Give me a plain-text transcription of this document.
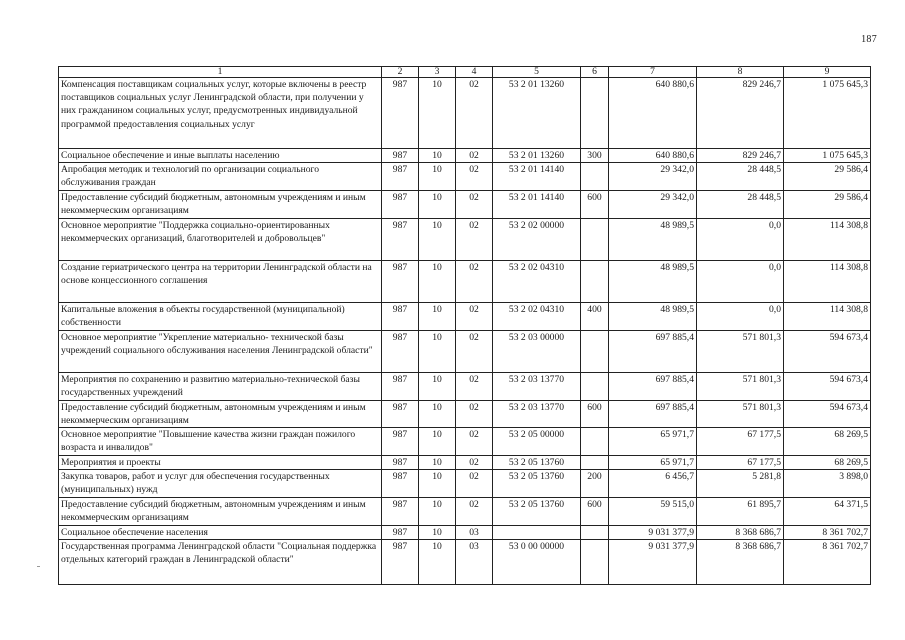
187
1	2	3	4	5	6	7	8	9
Компенсация поставщикам социальных услуг, которые включены в реестр поставщиков социальных услуг Ленинградской области, при получении у них гражданином социальных услуг, предусмотренных индивидуальной программой предоставления социальных услуг	987	10	02	53 2 01 13260		640 880,6	829 246,7	1 075 645,3
Социальное обеспечение и иные выплаты населению	987	10	02	53 2 01 13260	300	640 880,6	829 246,7	1 075 645,3
Апробация методик и технологий по организации социального обслуживания граждан	987	10	02	53 2 01 14140		29 342,0	28 448,5	29 586,4
Предоставление субсидий бюджетным, автономным учреждениям и иным некоммерческим организациям	987	10	02	53 2 01 14140	600	29 342,0	28 448,5	29 586,4
Основное мероприятие "Поддержка социально-ориентированных некоммерческих организаций, благотворителей и добровольцев"	987	10	02	53 2 02 00000		48 989,5	0,0	114 308,8
Создание гериатрического центра на территории Ленинградской области на основе концессионного соглашения	987	10	02	53 2 02 04310		48 989,5	0,0	114 308,8
Капитальные вложения в объекты государственной (муниципальной) собственности	987	10	02	53 2 02 04310	400	48 989,5	0,0	114 308,8
Основное мероприятие "Укрепление материально- технической базы учреждений социального обслуживания населения Ленинградской области"	987	10	02	53 2 03 00000		697 885,4	571 801,3	594 673,4
Мероприятия по сохранению и развитию материально-технической базы государственных учреждений	987	10	02	53 2 03 13770		697 885,4	571 801,3	594 673,4
Предоставление субсидий бюджетным, автономным учреждениям и иным некоммерческим организациям	987	10	02	53 2 03 13770	600	697 885,4	571 801,3	594 673,4
Основное мероприятие "Повышение качества жизни граждан пожилого возраста и инвалидов"	987	10	02	53 2 05 00000		65 971,7	67 177,5	68 269,5
Мероприятия и проекты	987	10	02	53 2 05 13760		65 971,7	67 177,5	68 269,5
Закупка товаров, работ и услуг для обеспечения государственных (муниципальных) нужд	987	10	02	53 2 05 13760	200	6 456,7	5 281,8	3 898,0
Предоставление субсидий бюджетным, автономным учреждениям и иным некоммерческим организациям	987	10	02	53 2 05 13760	600	59 515,0	61 895,7	64 371,5
Социальное обеспечение населения	987	10	03			9 031 377,9	8 368 686,7	8 361 702,7
Государственная программа Ленинградской области "Социальная поддержка отдельных категорий граждан в Ленинградской области"	987	10	03	53 0 00 00000		9 031 377,9	8 368 686,7	8 361 702,7
